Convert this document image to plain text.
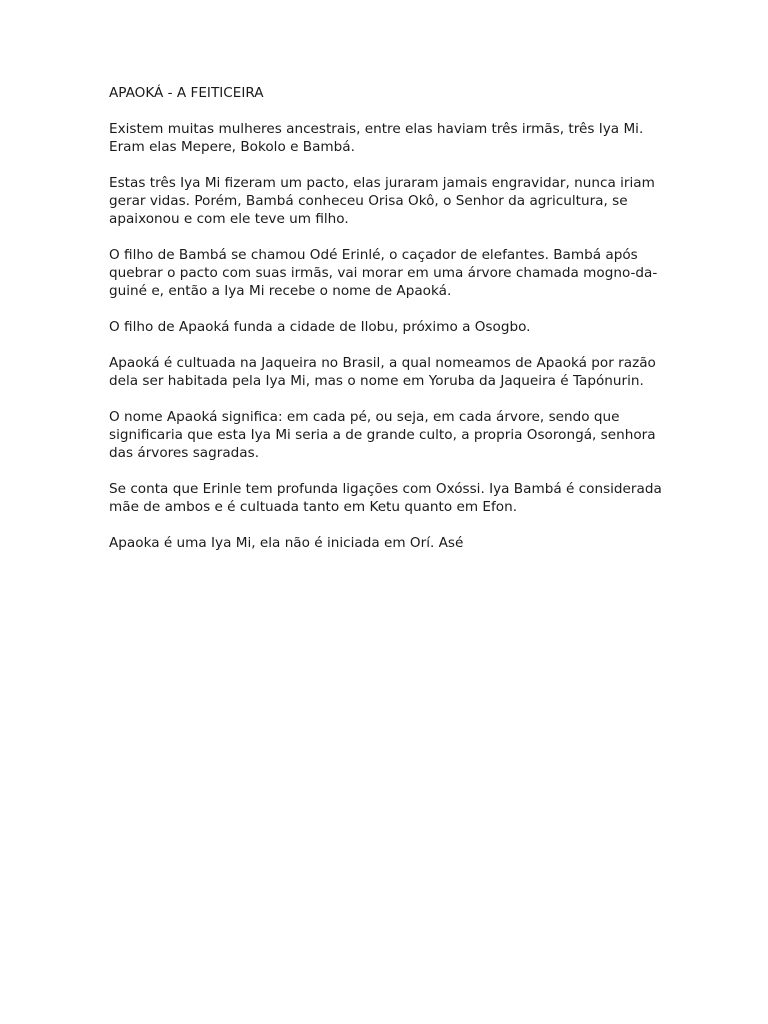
APAOKÁ - A FEITICEIRA

Existem muitas mulheres ancestrais, entre elas haviam três irmãs, três Iya Mi. Eram elas Mepere, Bokolo e Bambá.

Estas três Iya Mi fizeram um pacto, elas juraram jamais engravidar, nunca iriam gerar vidas. Porém, Bambá conheceu Orisa Okô, o Senhor da agricultura, se apaixonou e com ele teve um filho.

O filho de Bambá se chamou Odé Erinlé, o caçador de elefantes. Bambá após quebrar o pacto com suas irmãs, vai morar em uma árvore chamada mogno-da-guiné e, então a Iya Mi recebe o nome de Apaoká.

O filho de Apaoká funda a cidade de Ilobu, próximo a Osogbo.

Apaoká é cultuada na Jaqueira no Brasil, a qual nomeamos de Apaoká por razão dela ser habitada pela Iya Mi, mas o nome em Yoruba da Jaqueira é Tapónurin.

O nome Apaoká significa: em cada pé, ou seja, em cada árvore, sendo que significaria que esta Iya Mi seria a de grande culto, a propria Osorongá, senhora das árvores sagradas.

Se conta que Erinle tem profunda ligações com Oxóssi. Iya Bambá é considerada mãe de ambos e é cultuada tanto em Ketu quanto em Efon.

Apaoka é uma Iya Mi, ela não é iniciada em Orí. Asé
